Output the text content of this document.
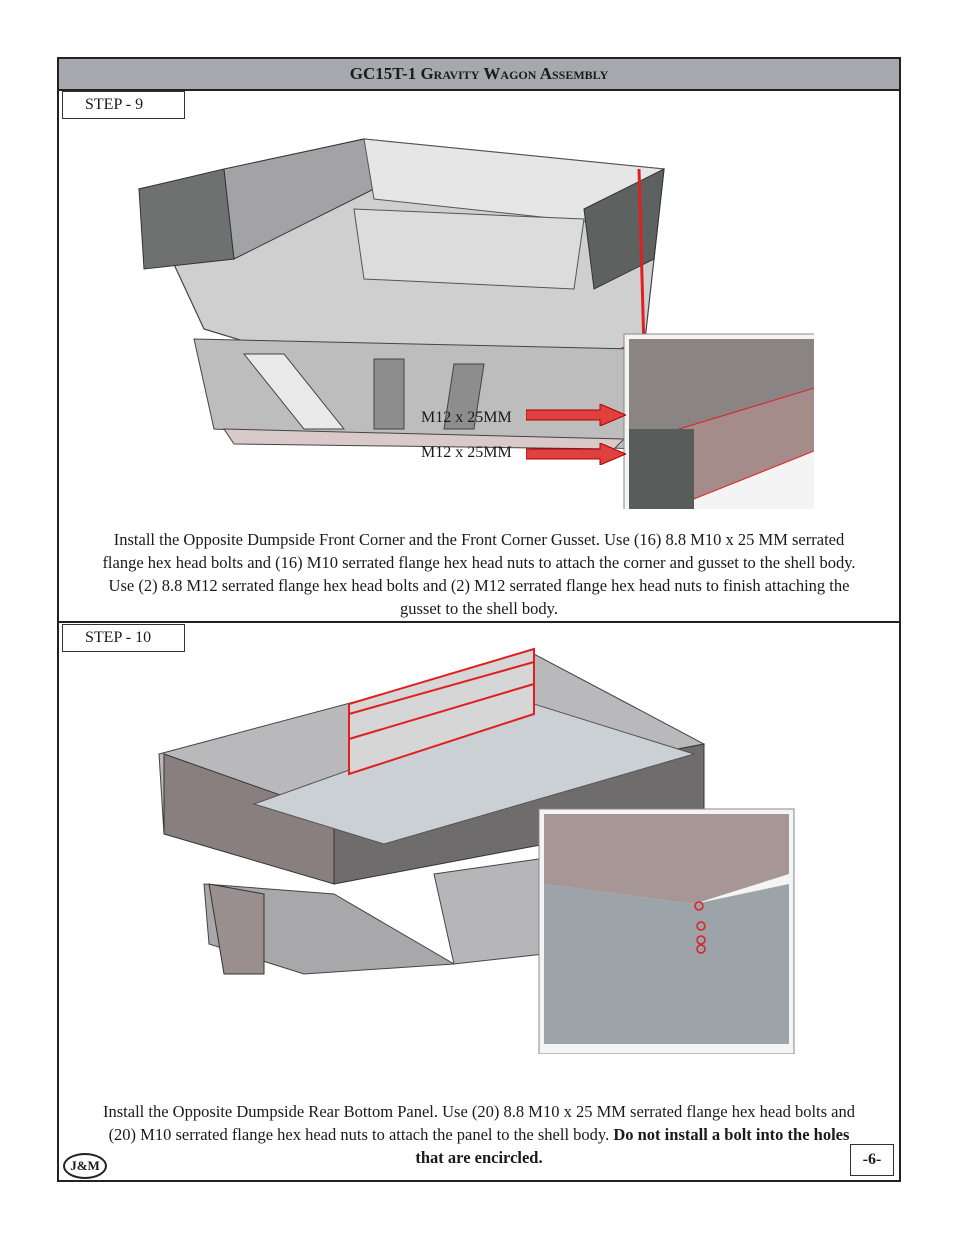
GC15T-1 Gravity Wagon Assembly
STEP - 9
M12 x 25MM
M12 x 25MM
Install the Opposite Dumpside Front Corner and the Front Corner Gusset. Use (16) 8.8 M10 x 25 MM serrated flange hex head bolts and (16) M10 serrated flange hex head nuts to attach the corner and gusset to the shell body. Use (2) 8.8 M12 serrated flange hex head bolts and (2) M12 serrated flange hex head nuts to finish attaching the gusset to the shell body.
STEP - 10
Install the Opposite Dumpside Rear Bottom Panel. Use (20) 8.8 M10 x 25 MM serrated flange hex head bolts and (20) M10 serrated flange hex head nuts to attach the panel to the shell body. Do not install a bolt into the holes that are encircled.
J&M	-6-
